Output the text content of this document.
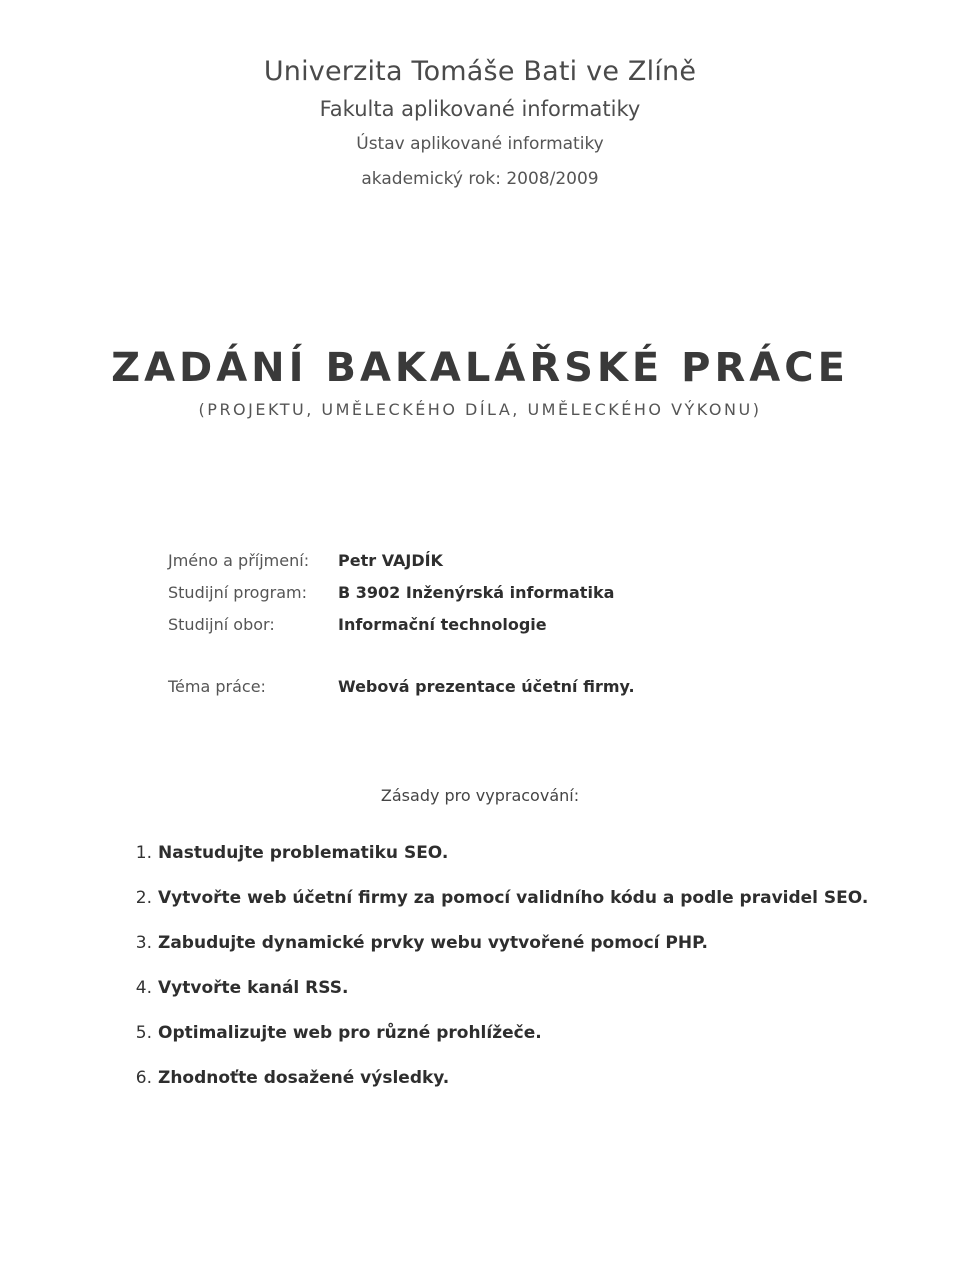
Univerzita Tomáše Bati ve Zlíně
Fakulta aplikované informatiky
Ústav aplikované informatiky
akademický rok: 2008/2009
ZADÁNÍ BAKALÁŘSKÉ PRÁCE
(PROJEKTU, UMĚLECKÉHO DÍLA, UMĚLECKÉHO VÝKONU)
Jméno a příjmení:	Petr VAJDÍK
Studijní program:	B 3902 Inženýrská informatika
Studijní obor:	Informační technologie
Téma práce:	Webová prezentace účetní firmy.
Zásady pro vypracování:
1. Nastudujte problematiku SEO.
2. Vytvořte web účetní firmy za pomocí validního kódu a podle pravidel SEO.
3. Zabudujte dynamické prvky webu vytvořené pomocí PHP.
4. Vytvořte kanál RSS.
5. Optimalizujte web pro různé prohlížeče.
6. Zhodnoťte dosažené výsledky.
